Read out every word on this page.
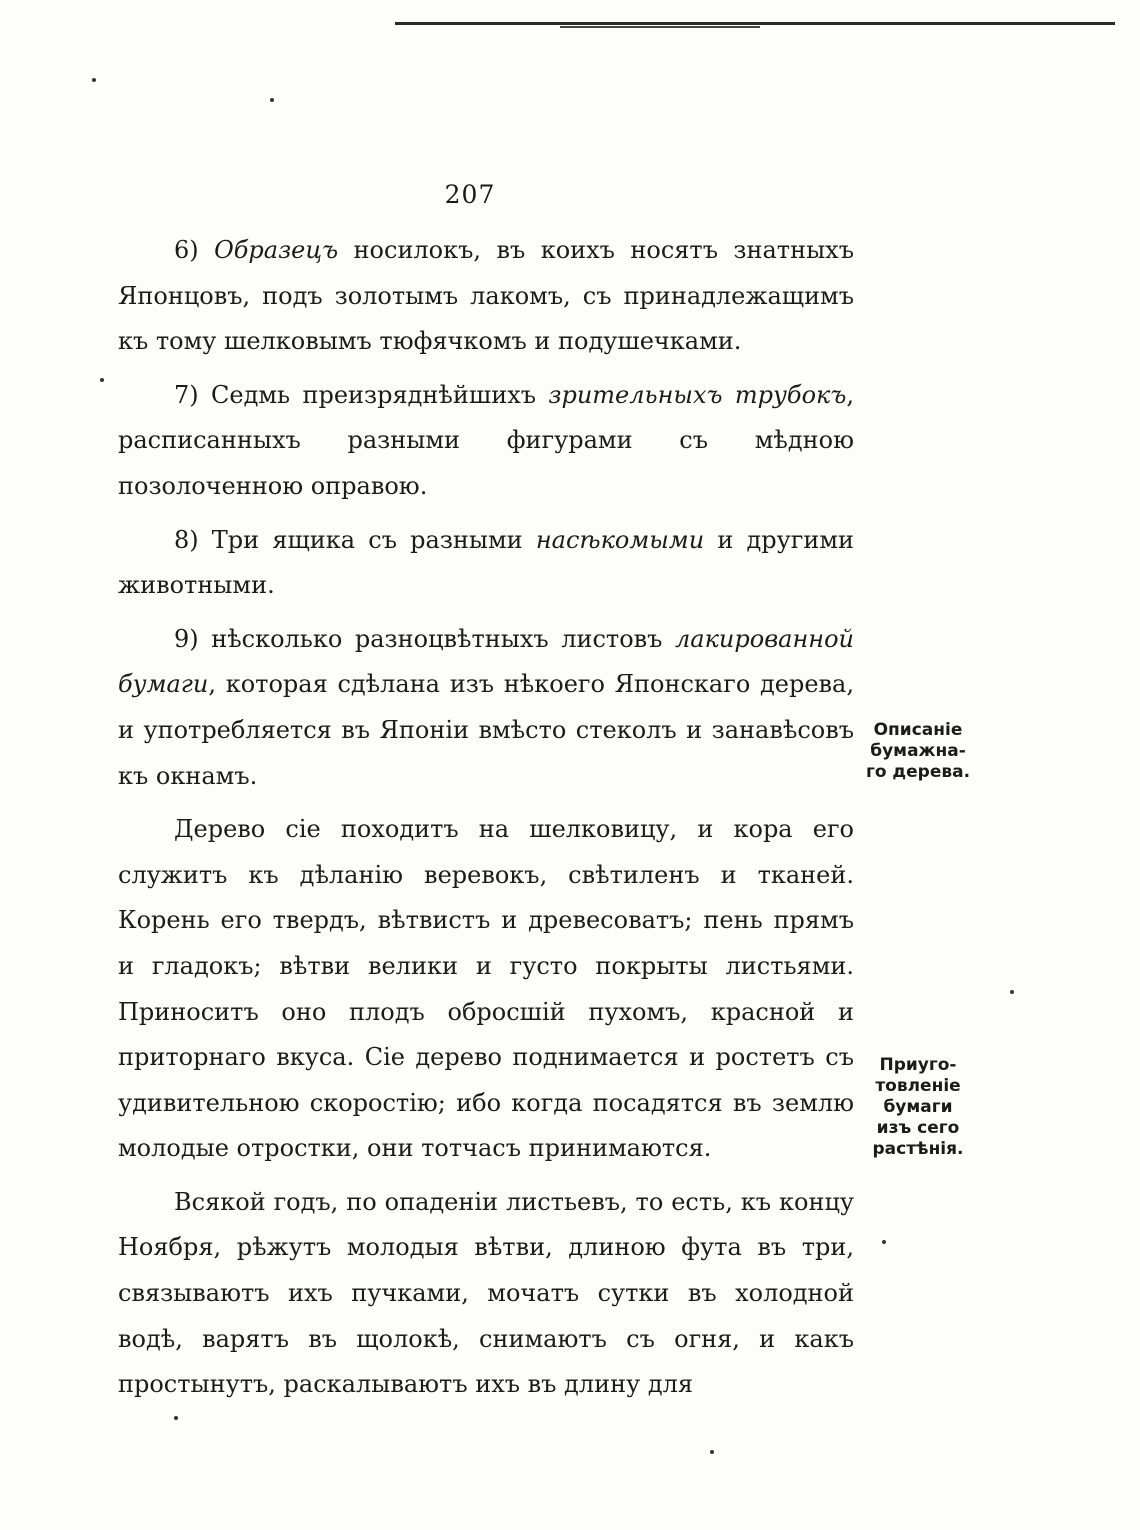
207

6) Образецъ носилокъ, въ коихъ носятъ знатныхъ Японцовъ, подъ золотымъ лакомъ, съ принадлежащимъ къ тому шелковымъ тюфячкомъ и подушечками.

7) Седмь преизряднѣйшихъ зрительныхъ трубокъ, расписанныхъ разными фигурами съ мѣдною позолоченною оправою.

8) Три ящика съ разными насѣкомыми и другими животными.

9) нѣсколько разноцвѣтныхъ листовъ лакированной бумаги, которая сдѣлана изъ нѣкоего Японскаго дерева, и употребляется въ Японіи вмѣсто стеколъ и занавѣсовъ къ окнамъ.

Дерево сіе походитъ на шелковицу, и кора его служитъ къ дѣланію веревокъ, свѣтиленъ и тканей. Корень его твердъ, вѣтвистъ и древесоватъ; пень прямъ и гладокъ; вѣтви велики и густо покрыты листьями. Приноситъ оно плодъ обросшій пухомъ, красной и приторнаго вкуса. Сіе дерево поднимается и ростетъ съ удивительною скоростію; ибо когда посадятся въ землю молодые отростки, они тотчасъ принимаются.

Всякой годъ, по опаденіи листьевъ, то есть, къ концу Ноября, рѣжутъ молодыя вѣтви, длиною фута въ три, связываютъ ихъ пучками, мочатъ сутки въ холодной водѣ, варятъ въ щолокѣ, снимаютъ съ огня, и какъ простынутъ, раскалываютъ ихъ въ длину для

Описаніе
бумажна-
го дерева.
Приуго-
товленіе
бумаги
изъ сего
растѣнія.
